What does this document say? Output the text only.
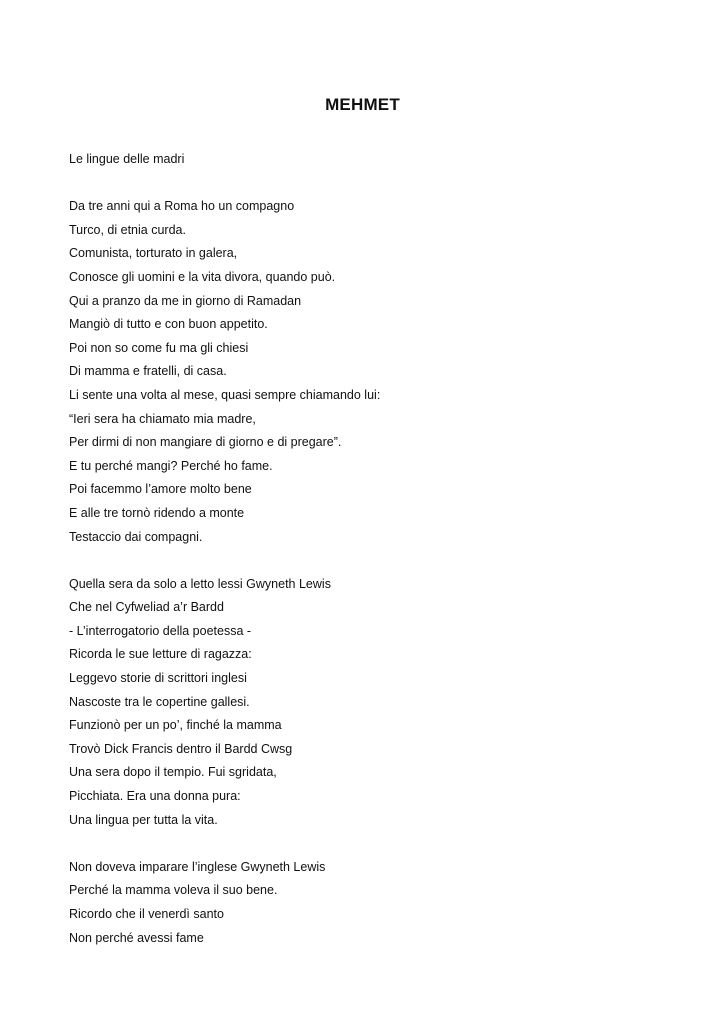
MEHMET
Le lingue delle madri
Da tre anni qui a Roma ho un compagno
Turco, di etnia curda.
Comunista, torturato in galera,
Conosce gli uomini e la vita divora, quando può.
Qui a pranzo da me in giorno di Ramadan
Mangiò di tutto e con buon appetito.
Poi non so come fu ma gli chiesi
Di mamma e fratelli, di casa.
Li sente una volta al mese, quasi sempre chiamando lui:
“Ieri sera ha chiamato mia madre,
Per dirmi di non mangiare di giorno e di pregare”.
E tu perché mangi? Perché ho fame.
Poi facemmo l’amore molto bene
E alle tre tornò ridendo a monte
Testaccio dai compagni.
Quella sera da solo a letto lessi Gwyneth Lewis
Che nel Cyfweliad a’r Bardd
- L’interrogatorio della poetessa -
Ricorda le sue letture di ragazza:
Leggevo storie di scrittori inglesi
Nascoste tra le copertine gallesi.
Funzionò per un po’, finché la mamma
Trovò Dick Francis dentro il Bardd Cwsg
Una sera dopo il tempio. Fui sgridata,
Picchiata. Era una donna pura:
Una lingua per tutta la vita.
Non doveva imparare l’inglese Gwyneth Lewis
Perché la mamma voleva il suo bene.
Ricordo che il venerdì santo
Non perché avessi fame
